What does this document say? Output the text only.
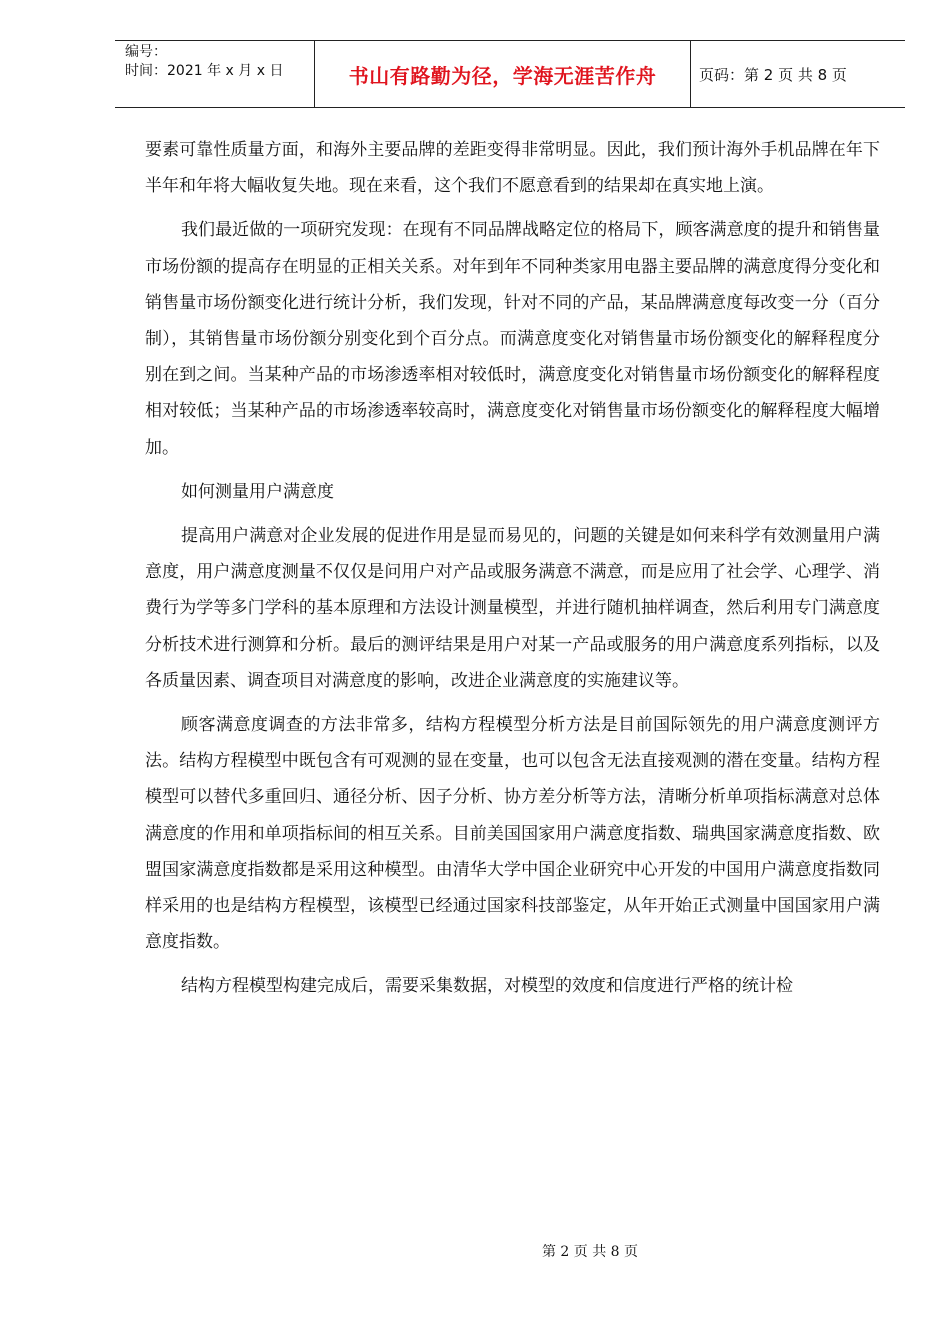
编号：
时间：2021 年 x 月 x 日	书山有路勤为径，学海无涯苦作舟	页码：第 2 页 共 8 页

要素可靠性质量方面，和海外主要品牌的差距变得非常明显。因此，我们预计海外手机品牌在年下半年和年将大幅收复失地。现在来看，这个我们不愿意看到的结果却在真实地上演。

我们最近做的一项研究发现：在现有不同品牌战略定位的格局下，顾客满意度的提升和销售量市场份额的提高存在明显的正相关关系。对年到年不同种类家用电器主要品牌的满意度得分变化和销售量市场份额变化进行统计分析，我们发现，针对不同的产品，某品牌满意度每改变一分（百分制），其销售量市场份额分别变化到个百分点。而满意度变化对销售量市场份额变化的解释程度分别在到之间。当某种产品的市场渗透率相对较低时，满意度变化对销售量市场份额变化的解释程度相对较低；当某种产品的市场渗透率较高时，满意度变化对销售量市场份额变化的解释程度大幅增加。

如何测量用户满意度

提高用户满意对企业发展的促进作用是显而易见的，问题的关键是如何来科学有效测量用户满意度，用户满意度测量不仅仅是问用户对产品或服务满意不满意，而是应用了社会学、心理学、消费行为学等多门学科的基本原理和方法设计测量模型，并进行随机抽样调查，然后利用专门满意度分析技术进行测算和分析。最后的测评结果是用户对某一产品或服务的用户满意度系列指标，以及各质量因素、调查项目对满意度的影响，改进企业满意度的实施建议等。

顾客满意度调查的方法非常多，结构方程模型分析方法是目前国际领先的用户满意度测评方法。结构方程模型中既包含有可观测的显在变量，也可以包含无法直接观测的潜在变量。结构方程模型可以替代多重回归、通径分析、因子分析、协方差分析等方法，清晰分析单项指标满意对总体满意度的作用和单项指标间的相互关系。目前美国国家用户满意度指数、瑞典国家满意度指数、欧盟国家满意度指数都是采用这种模型。由清华大学中国企业研究中心开发的中国用户满意度指数同样采用的也是结构方程模型，该模型已经通过国家科技部鉴定，从年开始正式测量中国国家用户满意度指数。

结构方程模型构建完成后，需要采集数据，对模型的效度和信度进行严格的统计检

第 2 页 共 8 页
